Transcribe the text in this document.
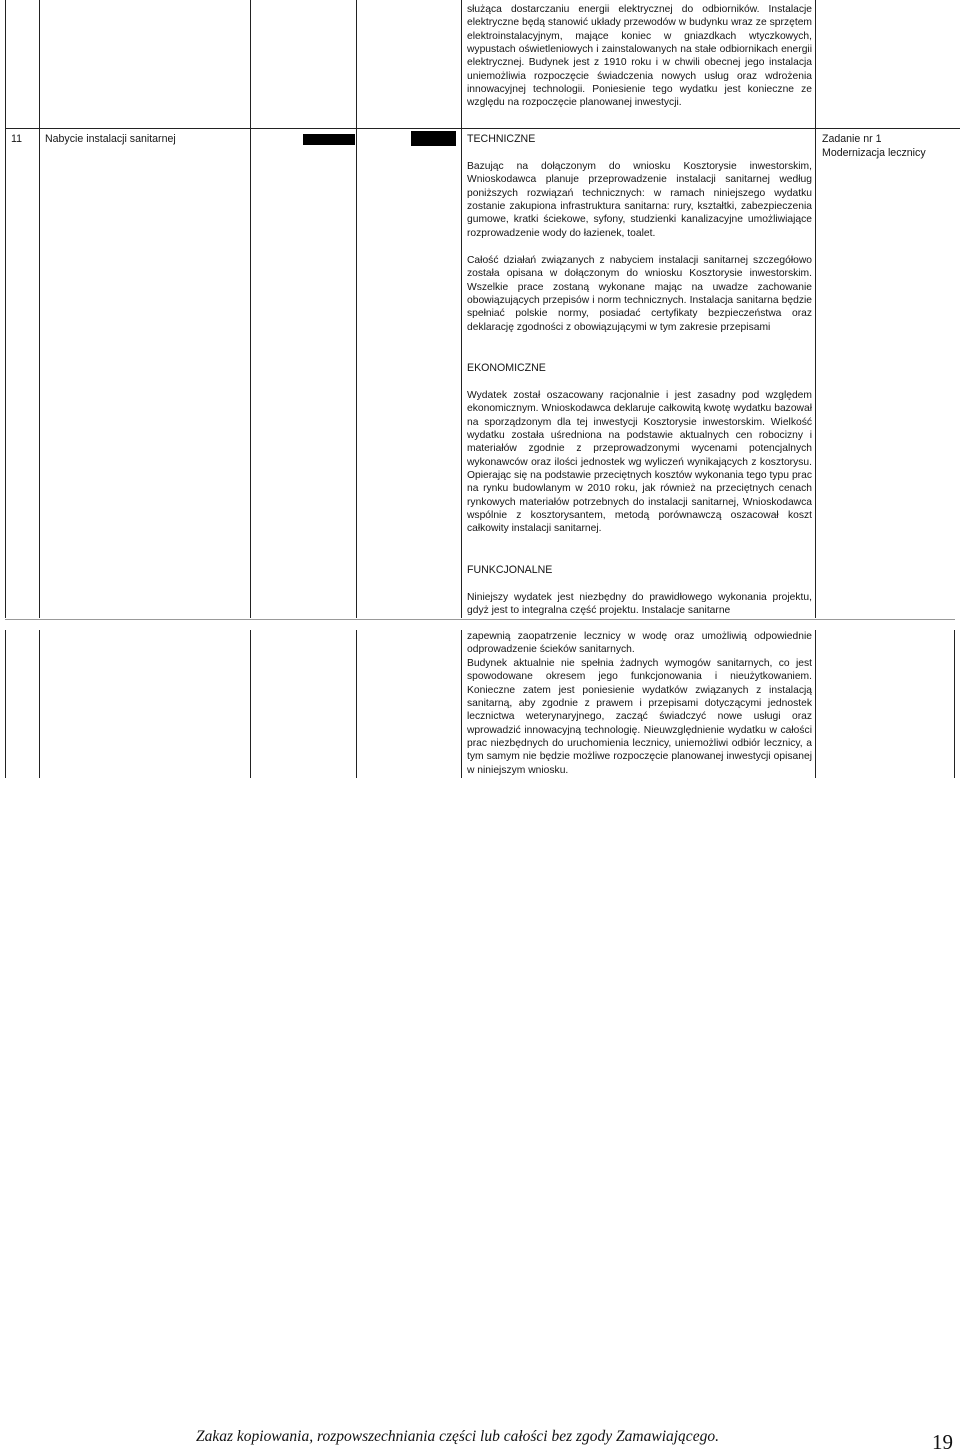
służąca dostarczaniu energii elektrycznej do odbiorników. Instalacje elektryczne będą stanowić układy przewodów w budynku wraz ze sprzętem elektroinstalacyjnym, mające koniec w gniazdkach wtyczkowych, wypustach oświetleniowych i zainstalowanych na stałe odbiornikach energii elektrycznej. Budynek jest z 1910 roku i w chwili obecnej jego instalacja uniemożliwia rozpoczęcie świadczenia nowych usług oraz wdrożenia innowacyjnej technologii. Poniesienie tego wydatku jest konieczne ze względu na rozpoczęcie planowanej inwestycji.
11 Nabycie instalacji sanitarnej	TECHNICZNE
Bazując na dołączonym do wniosku Kosztorysie inwestorskim, Wnioskodawca planuje przeprowadzenie instalacji sanitarnej według poniższych rozwiązań technicznych: w ramach niniejszego wydatku zostanie zakupiona infrastruktura sanitarna: rury, kształtki, zabezpieczenia gumowe, kratki ściekowe, syfony, studzienki kanalizacyjne umożliwiające rozprowadzenie wody do łazienek, toalet.
Całość działań związanych z nabyciem instalacji sanitarnej szczegółowo została opisana w dołączonym do wniosku Kosztorysie inwestorskim. Wszelkie prace zostaną wykonane mając na uwadze zachowanie obowiązujących przepisów i norm technicznych. Instalacja sanitarna będzie spełniać polskie normy, posiadać certyfikaty bezpieczeństwa oraz deklarację zgodności z obowiązującymi w tym zakresie przepisami
EKONOMICZNE
Wydatek został oszacowany racjonalnie i jest zasadny pod względem ekonomicznym. Wnioskodawca deklaruje całkowitą kwotę wydatku bazował na sporządzonym dla tej inwestycji Kosztorysie inwestorskim. Wielkość wydatku została uśredniona na podstawie aktualnych cen robocizny i materiałów zgodnie z przeprowadzonymi wycenami potencjalnych wykonawców oraz ilości jednostek wg wyliczeń wynikających z kosztorysu. Opierając się na podstawie przeciętnych kosztów wykonania tego typu prac na rynku budowlanym w 2010 roku, jak również na przeciętnych cenach rynkowych materiałów potrzebnych do instalacji sanitarnej, Wnioskodawca wspólnie z kosztorysantem, metodą porównawczą oszacował koszt całkowity instalacji sanitarnej.
FUNKCJONALNE
Niniejszy wydatek jest niezbędny do prawidłowego wykonania projektu, gdyż jest to integralna część projektu. Instalacje sanitarne
Zadanie nr 1
Modernizacja lecznicy
zapewnią zaopatrzenie lecznicy w wodę oraz umożliwią odpowiednie odprowadzenie ścieków sanitarnych.
Budynek aktualnie nie spełnia żadnych wymogów sanitarnych, co jest spowodowane okresem jego funkcjonowania i nieużytkowaniem. Konieczne zatem jest poniesienie wydatków związanych z instalacją sanitarną, aby zgodnie z prawem i przepisami dotyczącymi jednostek lecznictwa weterynaryjnego, zacząć świadczyć nowe usługi oraz wprowadzić innowacyjną technologię. Nieuwzględnienie wydatku w całości prac niezbędnych do uruchomienia lecznicy, uniemożliwi odbiór lecznicy, a tym samym nie będzie możliwe rozpoczęcie planowanej inwestycji opisanej w niniejszym wniosku.
Zakaz kopiowania, rozpowszechniania części lub całości bez zgody Zamawiającego.	19
